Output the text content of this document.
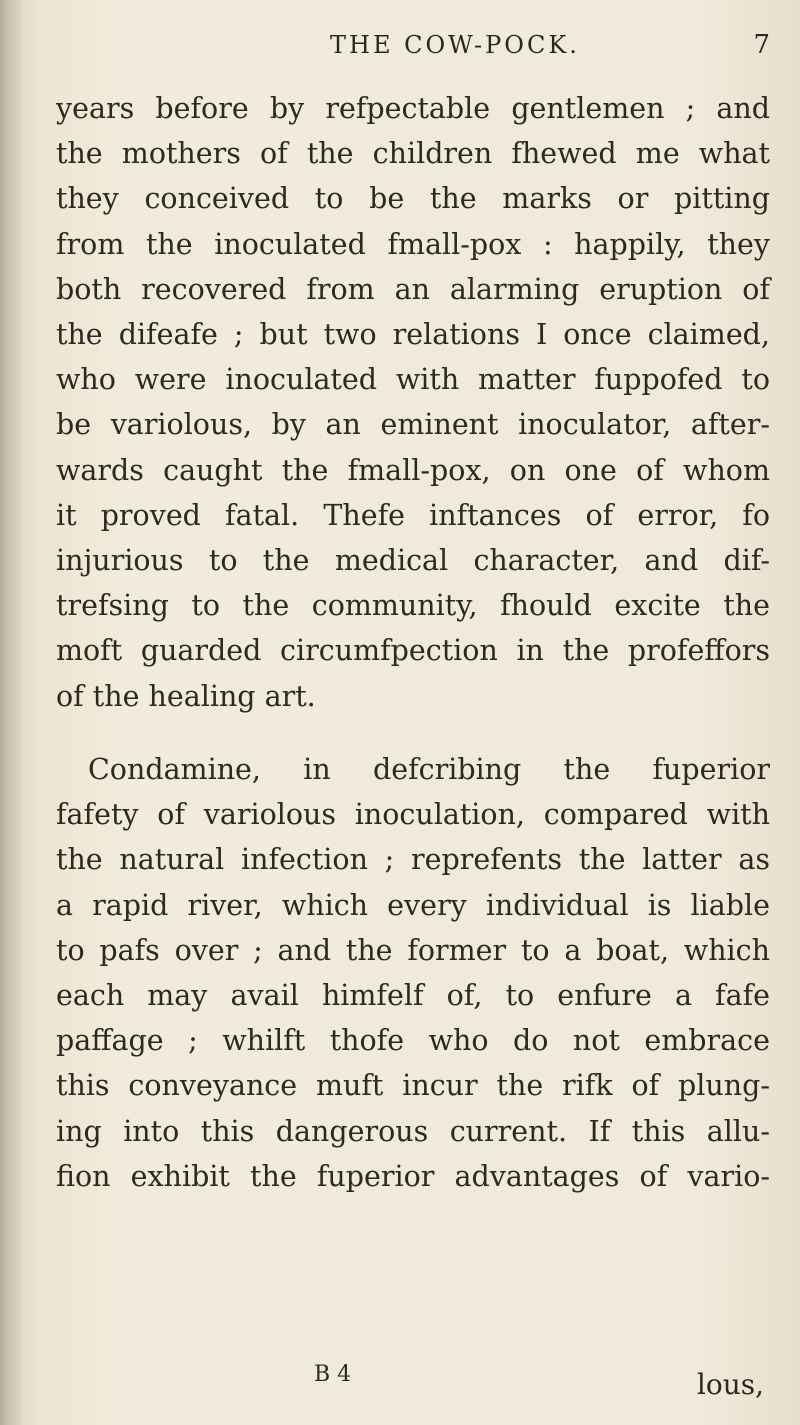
THE COW-POCK.	7
years before by refpectable gentlemen ; and
the mothers of the children fhewed me what
they conceived to be the marks or pitting
from the inoculated fmall-pox : happily, they
both recovered from an alarming eruption of
the difeafe ; but two relations I once claimed,
who were inoculated with matter fuppofed to
be variolous, by an eminent inoculator, after-
wards caught the fmall-pox, on one of whom
it proved fatal. Thefe inftances of error, fo
injurious to the medical character, and dif-
trefsing to the community, fhould excite the
moft guarded circumfpection in the profeffors
of the healing art.
Condamine, in defcribing the fuperior
fafety of variolous inoculation, compared with
the natural infection ; reprefents the latter as
a rapid river, which every individual is liable
to pafs over ; and the former to a boat, which
each may avail himfelf of, to enfure a fafe
paffage ; whilft thofe who do not embrace
this conveyance muft incur the rifk of plung-
ing into this dangerous current. If this allu-
fion exhibit the fuperior advantages of vario-
B 4	lous,
